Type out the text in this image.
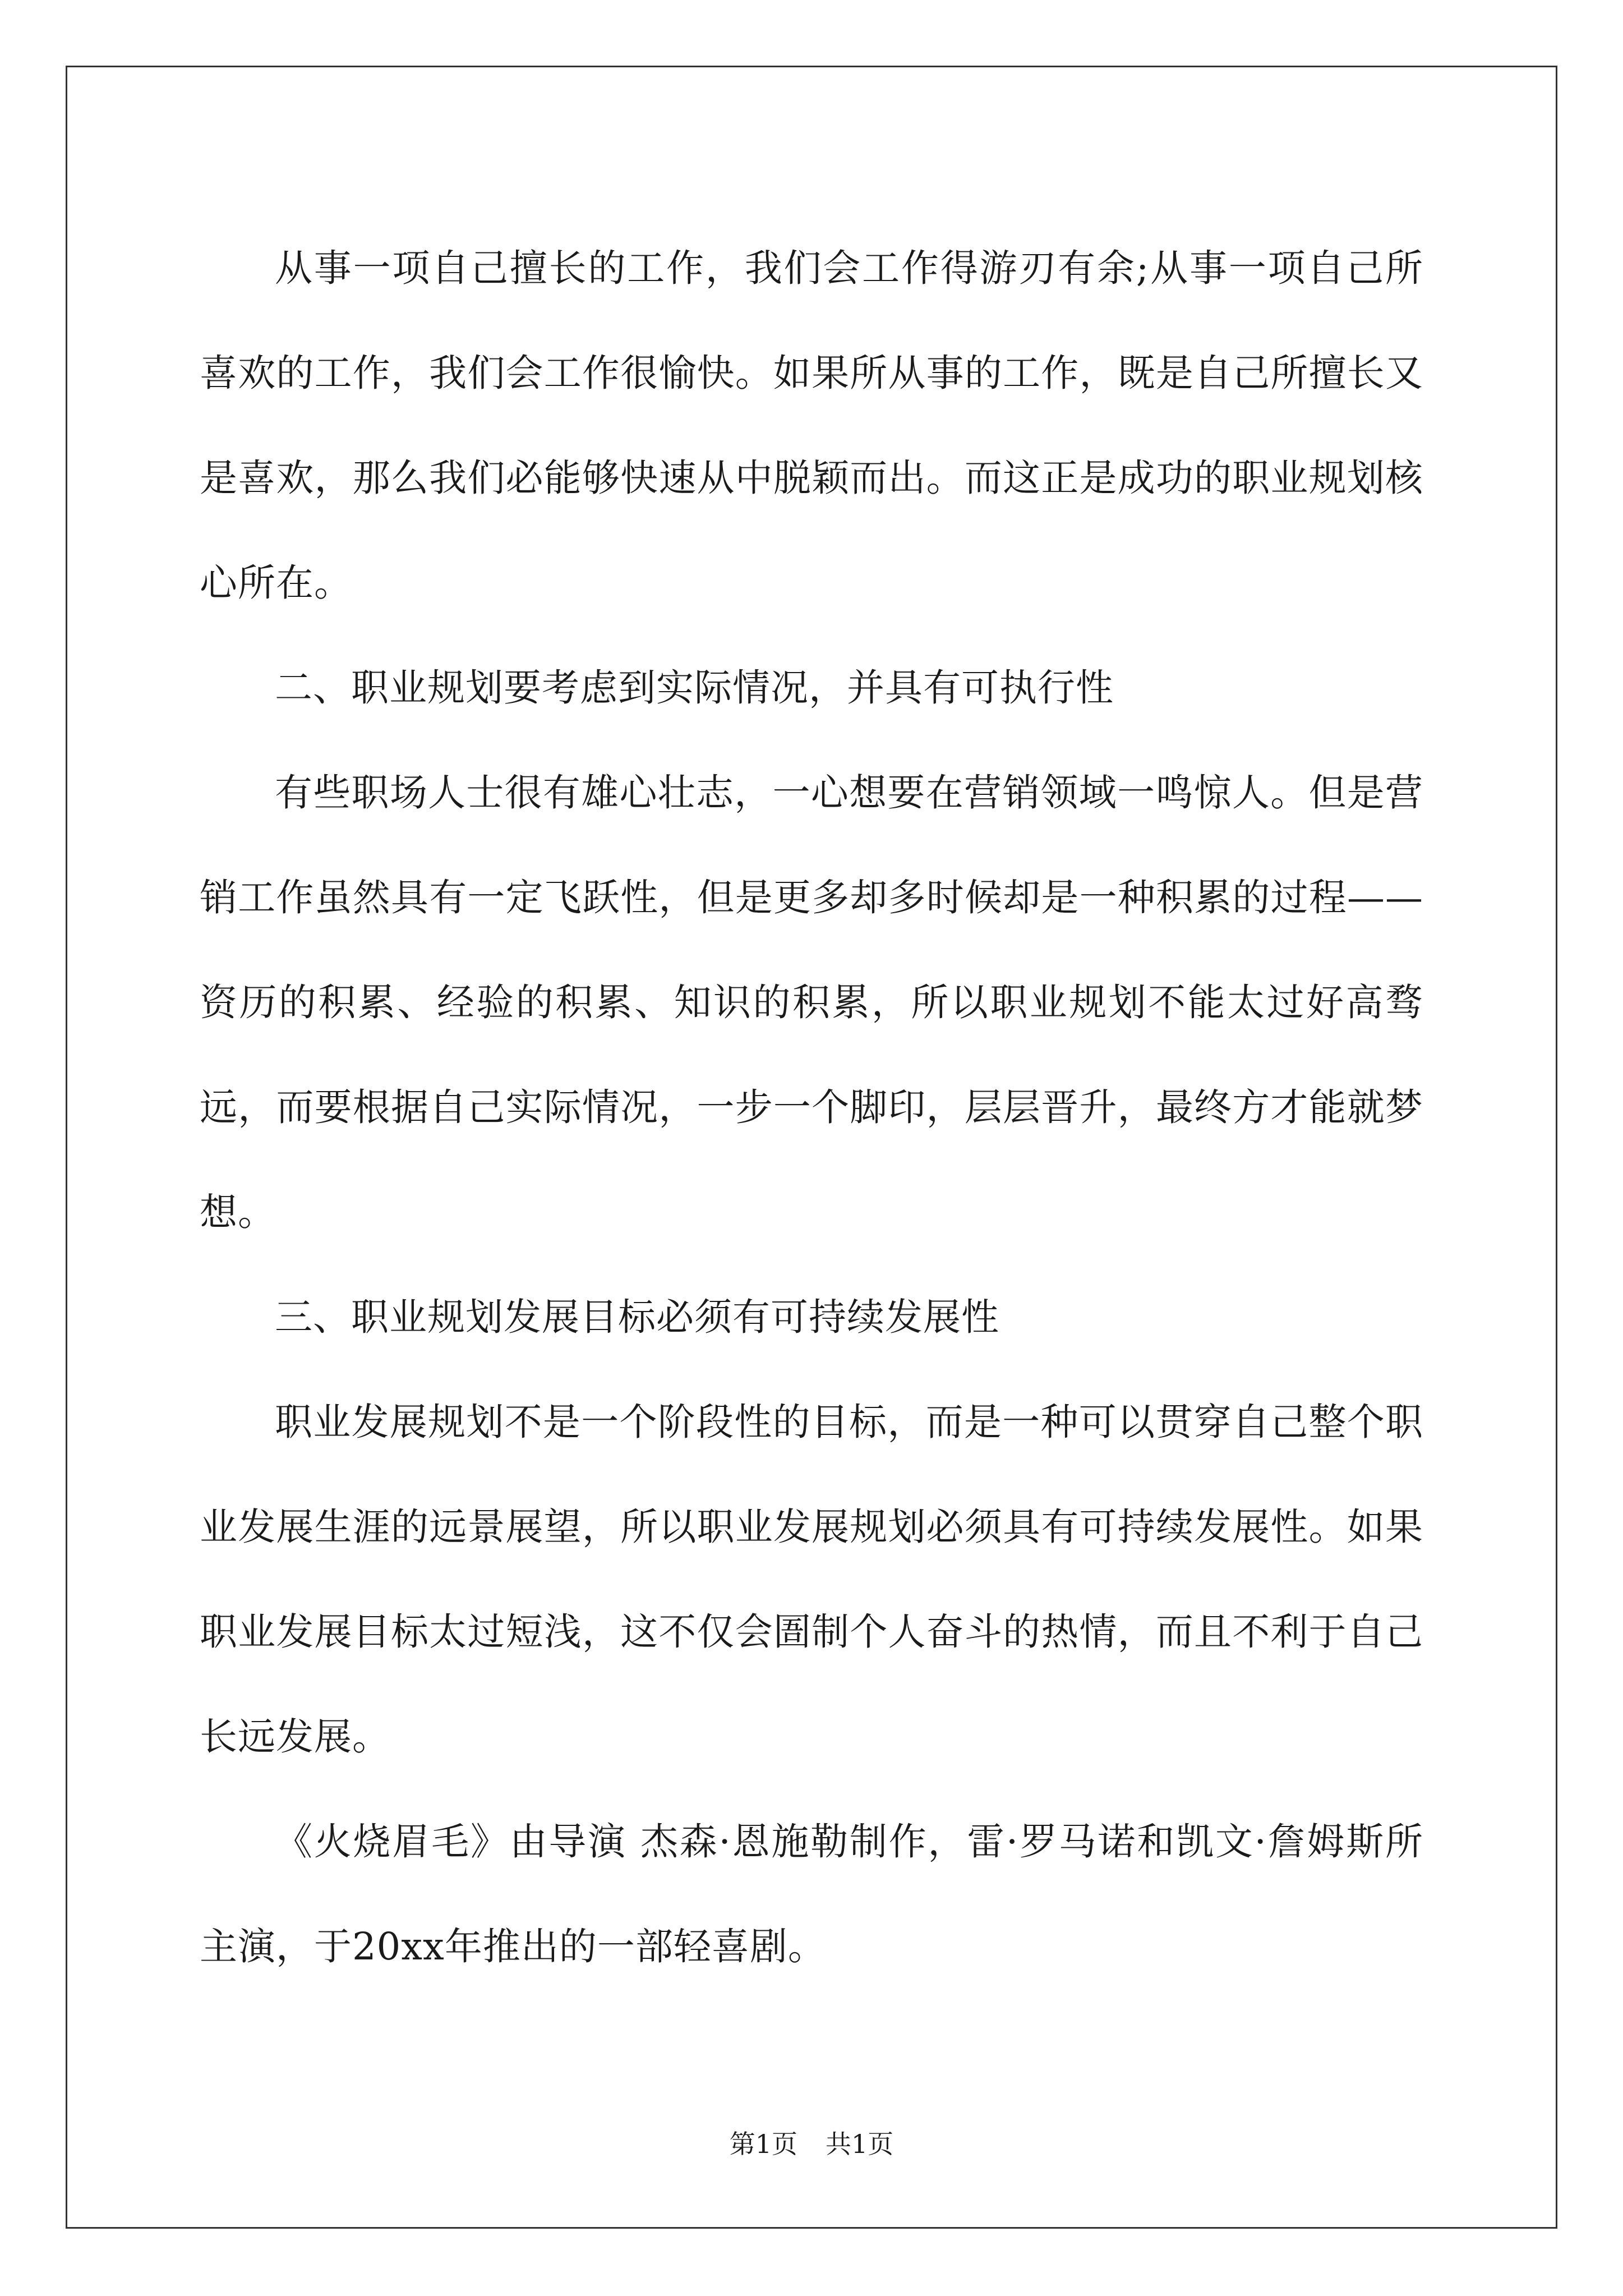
从事一项自己擅长的工作，我们会工作得游刃有余;从事一项自己所喜欢的工作，我们会工作很愉快。如果所从事的工作，既是自己所擅长又是喜欢，那么我们必能够快速从中脱颖而出。而这正是成功的职业规划核心所在。

二、职业规划要考虑到实际情况，并具有可执行性

有些职场人士很有雄心壮志，一心想要在营销领域一鸣惊人。但是营销工作虽然具有一定飞跃性，但是更多却多时候却是一种积累的过程——资历的积累、经验的积累、知识的积累，所以职业规划不能太过好高骛远，而要根据自己实际情况，一步一个脚印，层层晋升，最终方才能就梦想。

三、职业规划发展目标必须有可持续发展性

职业发展规划不是一个阶段性的目标，而是一种可以贯穿自己整个职业发展生涯的远景展望，所以职业发展规划必须具有可持续发展性。如果职业发展目标太过短浅，这不仅会圄制个人奋斗的热情，而且不利于自己长远发展。

《火烧眉毛》由导演 杰森·恩施勒制作，雷·罗马诺和凯文·詹姆斯所主演，于20xx年推出的一部轻喜剧。

第1页 共1页
